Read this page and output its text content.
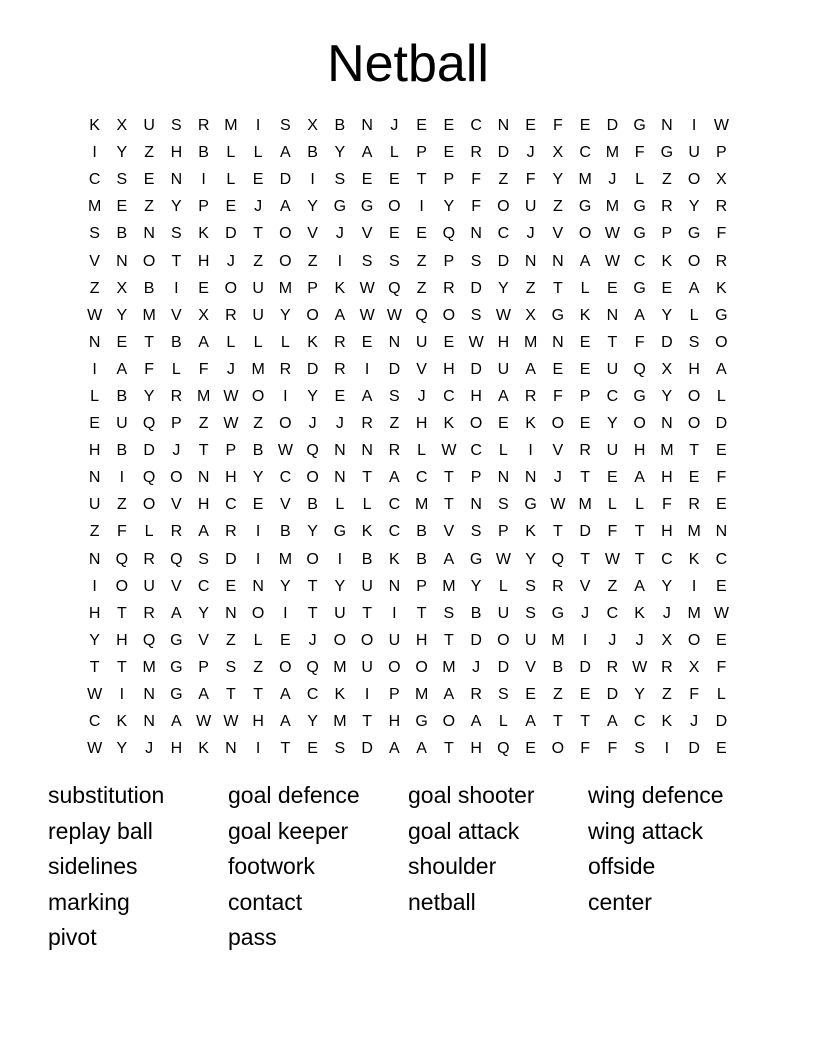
Netball
K	X	U	S	R M	I	S	X	B	N	J	E	E	C N	E	F	E	D G N	I	W
I	Y	Z	H	B	L	L	A	B	Y	A	L	P	E	R D	J	X	C M F	G U	P
C	S	E	N	I	L	E	D	I	S	E	E	T	P	F	Z	F	Y M	J	L	Z	O X
M E	Z	Y	P	E	J	A	Y G G O	I	Y	F	O U	Z	G M G R	Y	R
S	B	N	S	K	D	T	O V	J	V	E	E Q N C	J	V O W G P G	F
V	N O	T	H	J	Z	O	Z	I	S	S	Z	P	S	D N N	A W C	K O R
Z	X	B	I	E O U M P	K W Q	Z	R D	Y	Z	T	L	E G E	A	K
W Y M V	X	R U	Y O A W W Q O S W X G K	N	A	Y	L	G
N	E	T	B	A	L	L	L	K	R	E	N U	E W H M N	E	T	F	D	S O
I	A	F	L	F	J	M R D R	I	D	V	H D U	A	E	E	U Q X	H	A
L	B	Y	R M W O	I	Y	E	A	S	J	C H	A	R	F	P	C G Y O	L
E	U Q P	Z W Z	O	J	J	R	Z	H	K O E	K O E	Y O N O D
H	B	D	J	T	P	B W Q N N R	L W C	L	I	V	R U H M T	E
N	I	Q O N H	Y	C O N	T	A	C	T	P	N N	J	T	E	A	H	E	F
U	Z	O V	H C	E	V	B	L	L	C M T	N	S G W M	L	L	F	R	E
Z	F	L	R	A	R	I	B	Y G K	C	B	V	S	P	K	T	D	F	T	H M N
N Q R Q S	D	I	M O	I	B	K	B	A G W Y Q	T W T	C	K	C
I	O U	V	C	E	N	Y	T	Y	U N	P M Y	L	S	R	V	Z	A	Y	I	E
H	T	R	A	Y	N O	I	T	U	T	I	T	S	B	U	S G	J	C	K	J	M W
Y	H Q G V	Z	L	E	J	O O U H	T	D O U M	I	J	J	X O E
T	T M G P	S	Z	O Q M U O O M	J	D	V	B	D R W R	X	F
W	I	N G A	T	T	A	C	K	I	P M A	R	S	E	Z	E	D	Y	Z	F	L
C	K	N	A W W H	A	Y M T	H G O A	L	A	T	T	A	C	K	J	D
W Y	J	H	K	N	I	T	E	S	D	A	A	T	H Q E O	F	F	S	I	D	E
substitution	goal defence	goal shooter	wing defence
replay ball	goal keeper	goal attack	wing attack
sidelines	footwork	shoulder	offside
marking	contact	netball	center
pivot	pass
